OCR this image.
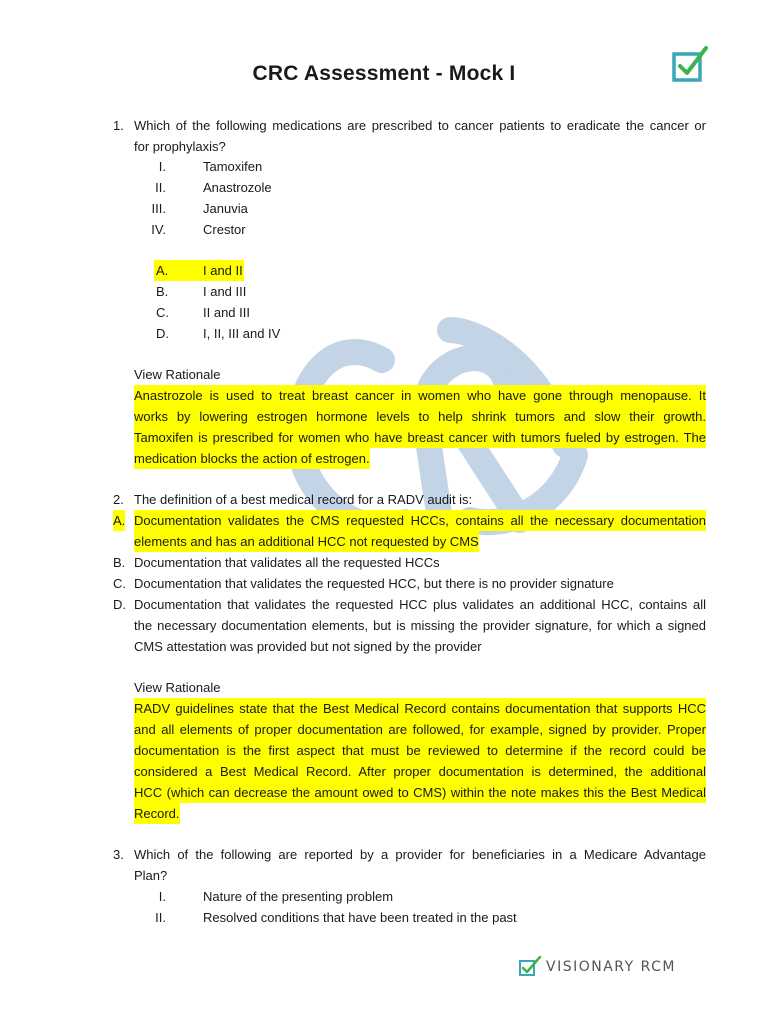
CRC Assessment - Mock I
1. Which of the following medications are prescribed to cancer patients to eradicate the cancer or
for prophylaxis?
I.	Tamoxifen
II.	Anastrozole
III.	Januvia
IV.	Crestor
A.	I and II
B.	I and III
C.	II and III
D.	I, II, III and IV
View Rationale
Anastrozole is used to treat breast cancer in women who have gone through menopause. It
works by lowering estrogen hormone levels to help shrink tumors and slow their growth.
Tamoxifen is prescribed for women who have breast cancer with tumors fueled by estrogen. The
medication blocks the action of estrogen.
2. The definition of a best medical record for a RADV audit is:
A. Documentation validates the CMS requested HCCs, contains all the necessary documentation
elements and has an additional HCC not requested by CMS
B. Documentation that validates all the requested HCCs
C. Documentation that validates the requested HCC, but there is no provider signature
D. Documentation that validates the requested HCC plus validates an additional HCC, contains all
the necessary documentation elements, but is missing the provider signature, for which a signed
CMS attestation was provided but not signed by the provider
View Rationale
RADV guidelines state that the Best Medical Record contains documentation that supports HCC
and all elements of proper documentation are followed, for example, signed by provider. Proper
documentation is the first aspect that must be reviewed to determine if the record could be
considered a Best Medical Record. After proper documentation is determined, the additional
HCC (which can decrease the amount owed to CMS) within the note makes this the Best Medical
Record.
3. Which of the following are reported by a provider for beneficiaries in a Medicare Advantage
Plan?
I.	Nature of the presenting problem
II.	Resolved conditions that have been treated in the past
VISIONARY RCM
